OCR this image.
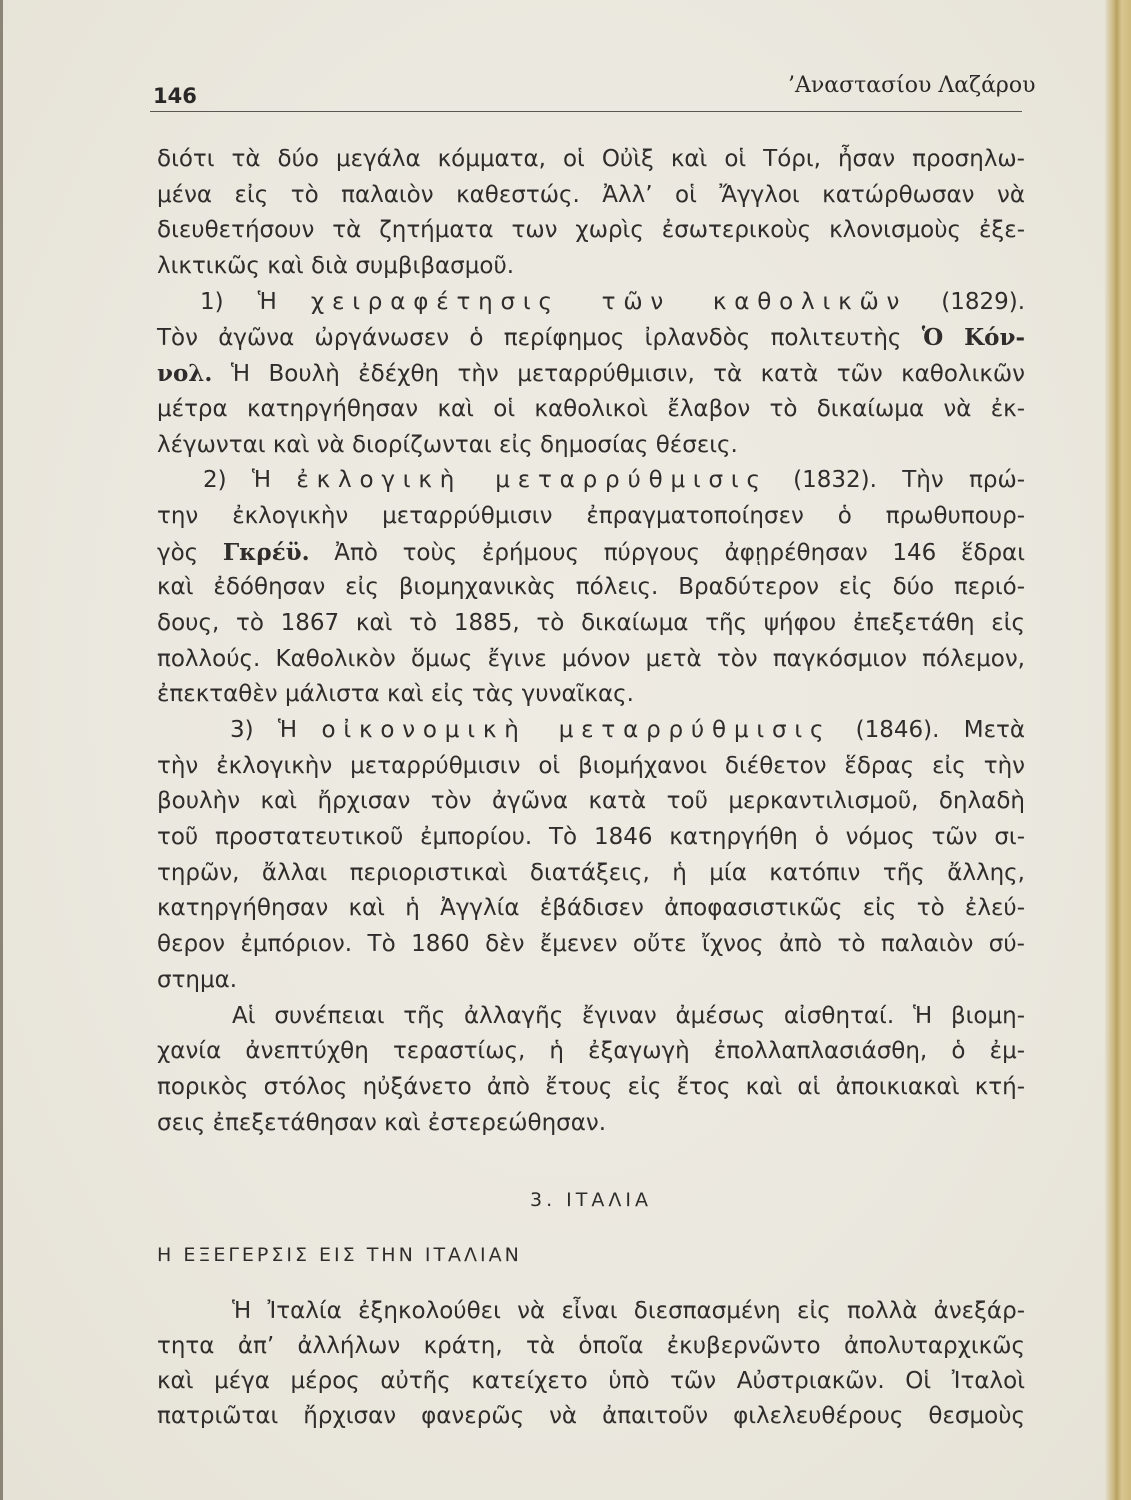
146	’Αναστασίου Λαζάρου
διότι τὰ δύο μεγάλα κόμματα, οἱ Οὐὶξ καὶ οἱ Τόρι, ἦσαν προσηλω-
μένα εἰς τὸ παλαιὸν καθεστώς. Ἀλλ’ οἱ Ἄγγλοι κατώρθωσαν νὰ
διευθετήσουν τὰ ζητήματα των χωρὶς ἐσωτερικοὺς κλονισμοὺς ἐξε-
λικτικῶς καὶ διὰ συμβιβασμοῦ.
1) Ἡ χειραφέτησις τῶν καθολικῶν (1829).
Τὸν ἀγῶνα ὠργάνωσεν ὁ περίφημος ἰρλανδὸς πολιτευτὴς Ὁ Κόν-
νολ. Ἡ Βουλὴ ἐδέχθη τὴν μεταρρύθμισιν, τὰ κατὰ τῶν καθολικῶν
μέτρα κατηργήθησαν καὶ οἱ καθολικοὶ ἔλαβον τὸ δικαίωμα νὰ ἐκ-
λέγωνται καὶ νὰ διορίζωνται εἰς δημοσίας θέσεις.
2) Ἡ ἐκλογικὴ μεταρρύθμισις (1832). Τὴν πρώ-
την ἐκλογικὴν μεταρρύθμισιν ἐπραγματοποίησεν ὁ πρωθυπουρ-
γὸς Γκρέϋ. Ἀπὸ τοὺς ἐρήμους πύργους ἀφῃρέθησαν 146 ἕδραι
καὶ ἐδόθησαν εἰς βιομηχανικὰς πόλεις. Βραδύτερον εἰς δύο περιό-
δους, τὸ 1867 καὶ τὸ 1885, τὸ δικαίωμα τῆς ψήφου ἐπεξετάθη εἰς
πολλούς. Καθολικὸν ὅμως ἔγινε μόνον μετὰ τὸν παγκόσμιον πόλεμον,
ἐπεκταθὲν μάλιστα καὶ εἰς τὰς γυναῖκας.
3) Ἡ οἰκονομικὴ μεταρρύθμισις (1846). Μετὰ
τὴν ἐκλογικὴν μεταρρύθμισιν οἱ βιομήχανοι διέθετον ἕδρας εἰς τὴν
βουλὴν καὶ ἤρχισαν τὸν ἀγῶνα κατὰ τοῦ μερκαντιλισμοῦ, δηλαδὴ
τοῦ προστατευτικοῦ ἐμπορίου. Τὸ 1846 κατηργήθη ὁ νόμος τῶν σι-
τηρῶν, ἄλλαι περιοριστικαὶ διατάξεις, ἡ μία κατόπιν τῆς ἄλλης,
κατηργήθησαν καὶ ἡ Ἀγγλία ἐβάδισεν ἀποφασιστικῶς εἰς τὸ ἐλεύ-
θερον ἐμπόριον. Τὸ 1860 δὲν ἔμενεν οὔτε ἴχνος ἀπὸ τὸ παλαιὸν σύ-
στημα.
Αἱ συνέπειαι τῆς ἀλλαγῆς ἔγιναν ἀμέσως αἰσθηταί. Ἡ βιομη-
χανία ἀνεπτύχθη τεραστίως, ἡ ἐξαγωγὴ ἐπολλαπλασιάσθη, ὁ ἐμ-
πορικὸς στόλος ηὐξάνετο ἀπὸ ἔτους εἰς ἔτος καὶ αἱ ἀποικιακαὶ κτή-
σεις ἐπεξετάθησαν καὶ ἐστερεώθησαν.
3. ΙΤΑΛΙΑ
Η ΕΞΕΓΕΡΣΙΣ ΕΙΣ ΤΗΝ ΙΤΑΛΙΑΝ
Ἡ Ἰταλία ἐξηκολούθει νὰ εἶναι διεσπασμένη εἰς πολλὰ ἀνεξάρ-
τητα ἀπ’ ἀλλήλων κράτη, τὰ ὁποῖα ἐκυβερνῶντο ἀπολυταρχικῶς
καὶ μέγα μέρος αὐτῆς κατείχετο ὑπὸ τῶν Αὐστριακῶν. Οἱ Ἰταλοὶ
πατριῶται ἤρχισαν φανερῶς νὰ ἀπαιτοῦν φιλελευθέρους θεσμοὺς
